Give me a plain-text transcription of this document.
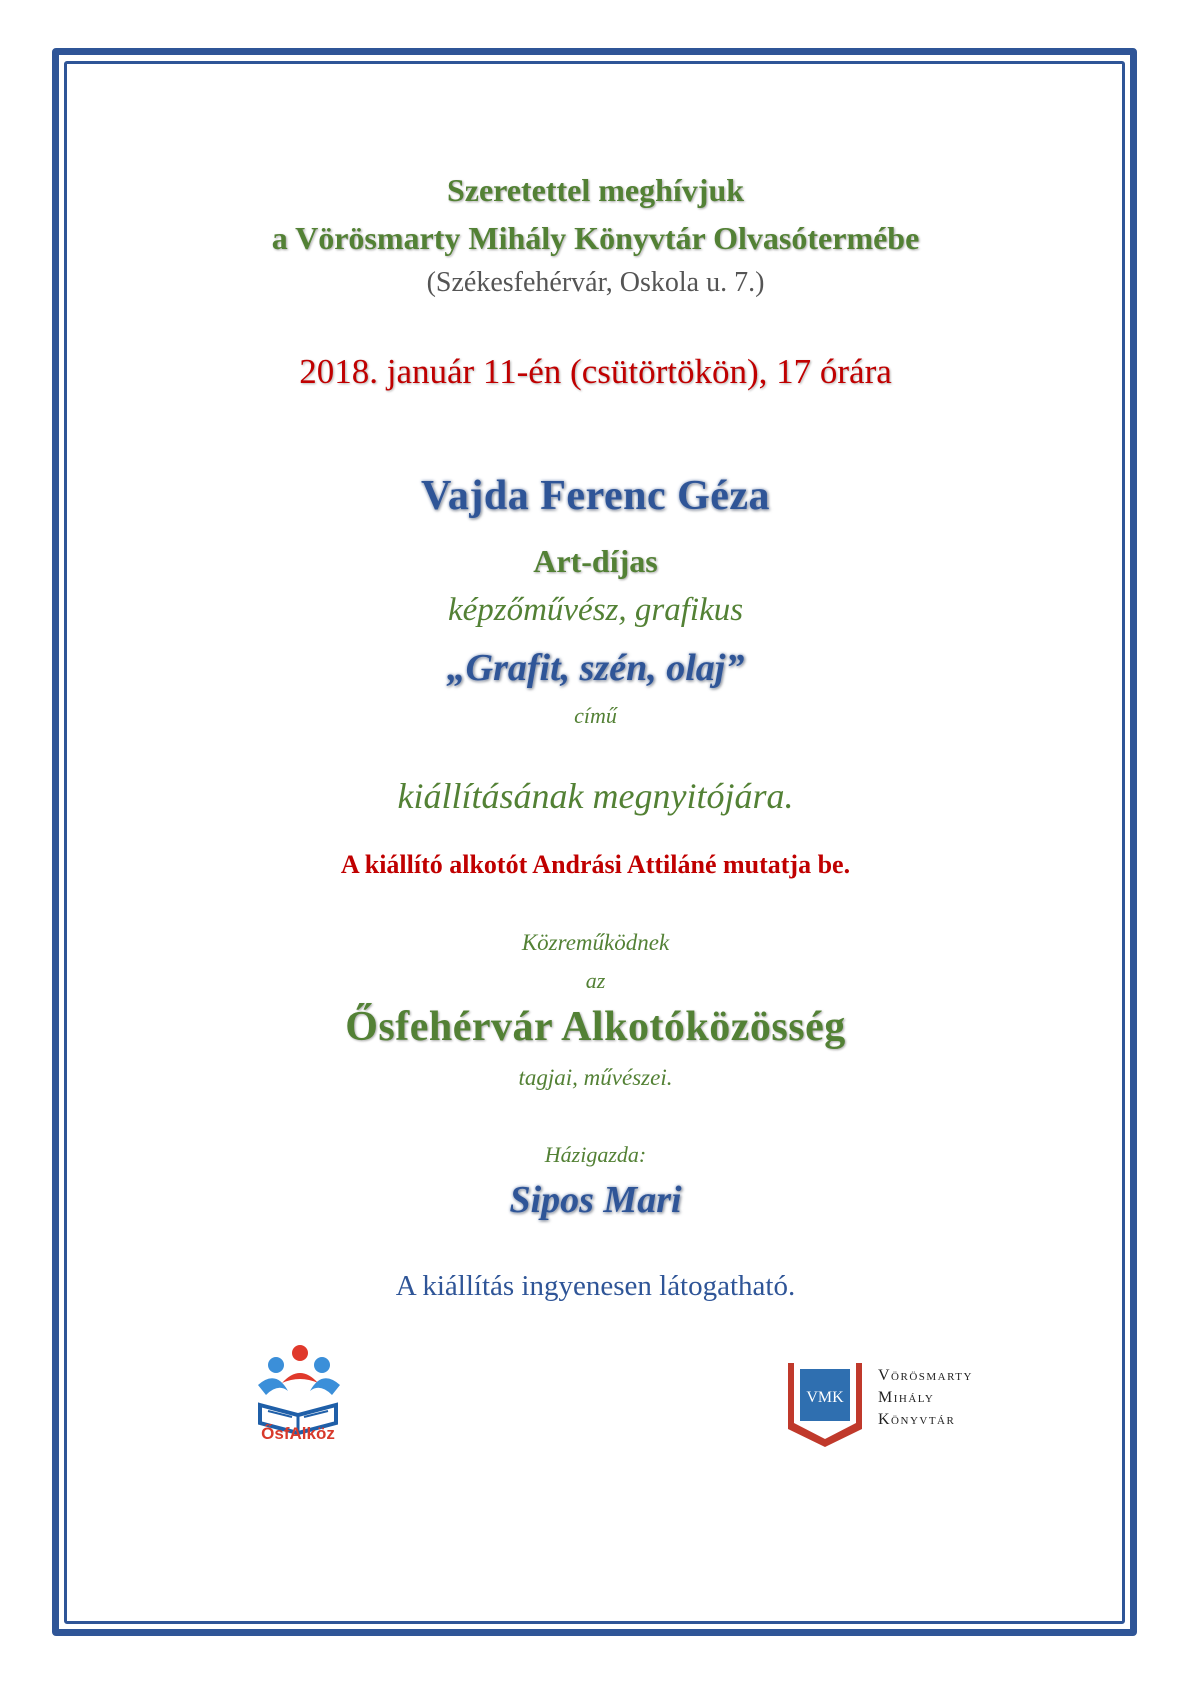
Szeretettel meghívjuk

a Vörösmarty Mihály Könyvtár Olvasótermébe

(Székesfehérvár, Oskola u. 7.)

2018. január 11-én (csütörtökön), 17 órára

Vajda Ferenc Géza

Art-díjas

képzőművész, grafikus

„Grafit, szén, olaj”

című

kiállításának megnyitójára.

A kiállító alkotót Andrási Attiláné mutatja be.

Közreműködnek

az

Ősfehérvár Alkotóközösség

tagjai, művészei.

Házigazda:

Sipos Mari

A kiállítás ingyenesen látogatható.

ŐsfAlköz
VMK
Vörösmarty
Mihály
Könyvtár
